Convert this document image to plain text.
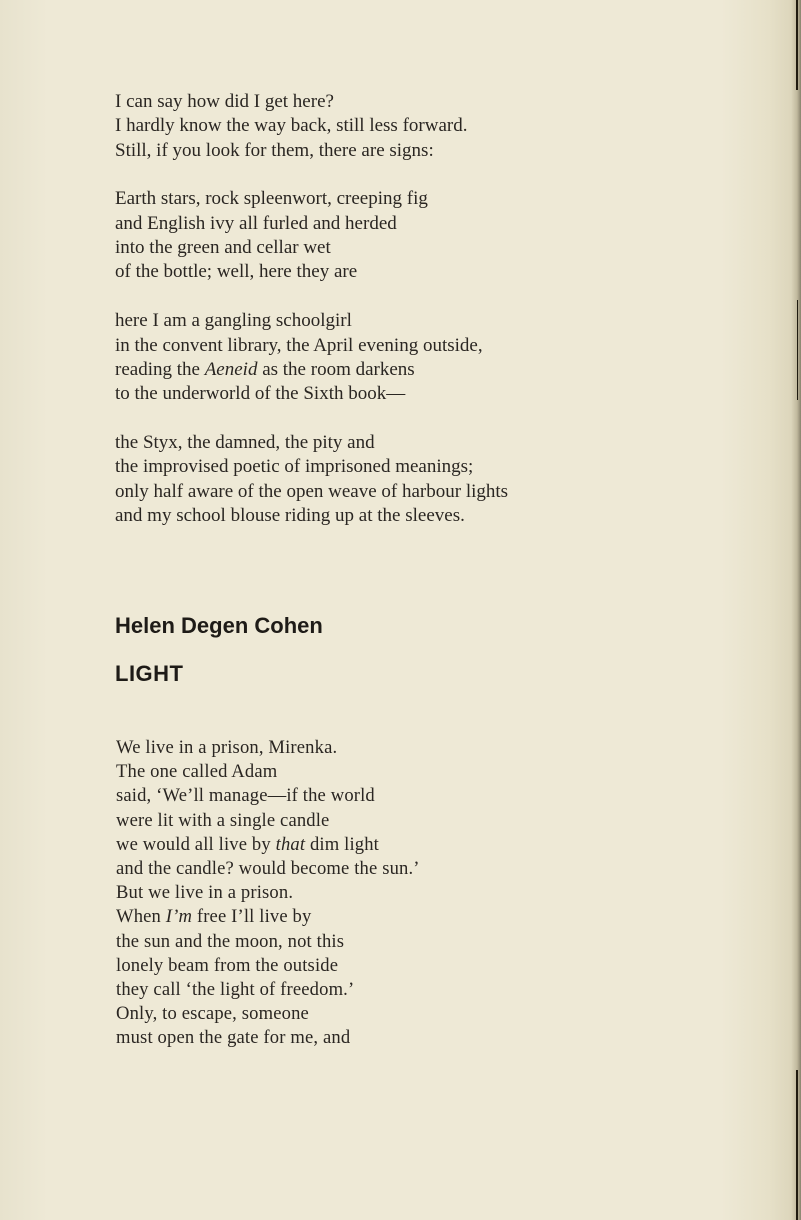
I can say how did I get here?
I hardly know the way back, still less forward.
Still, if you look for them, there are signs:
Earth stars, rock spleenwort, creeping fig
and English ivy all furled and herded
into the green and cellar wet
of the bottle; well, here they are
here I am a gangling schoolgirl
in the convent library, the April evening outside,
reading the Aeneid as the room darkens
to the underworld of the Sixth book—
the Styx, the damned, the pity and
the improvised poetic of imprisoned meanings;
only half aware of the open weave of harbour lights
and my school blouse riding up at the sleeves.
Helen Degen Cohen
LIGHT
We live in a prison, Mirenka.
The one called Adam
said, ‘We’ll manage—if the world
were lit with a single candle
we would all live by that dim light
and the candle? would become the sun.’
But we live in a prison.
When I’m free I’ll live by
the sun and the moon, not this
lonely beam from the outside
they call ‘the light of freedom.’
Only, to escape, someone
must open the gate for me, and
